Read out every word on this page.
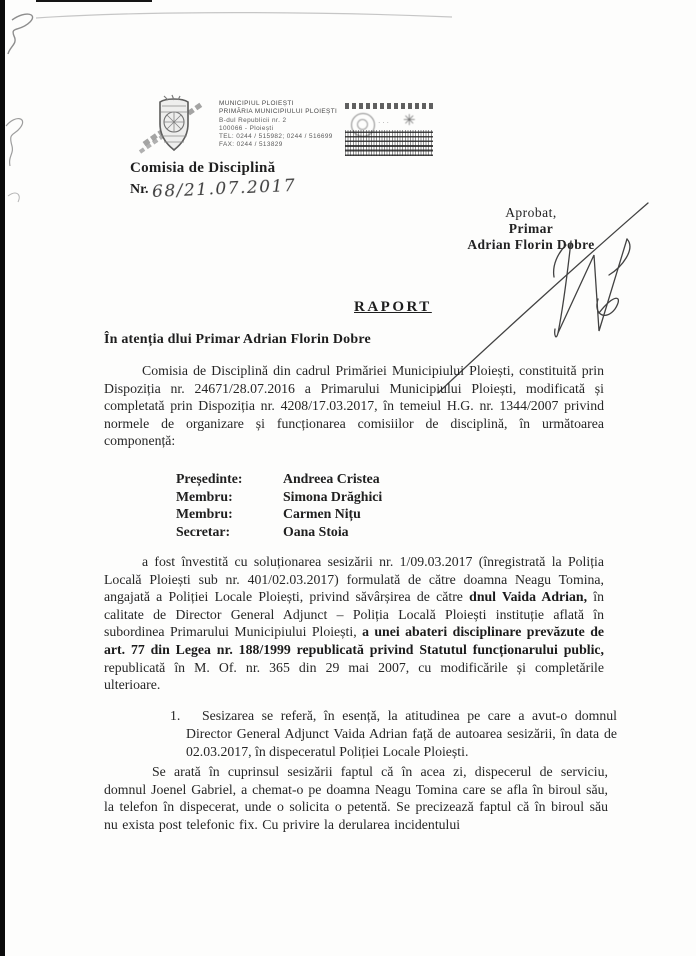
MUNICIPIUL PLOIEȘTI
PRIMĂRIA MUNICIPIULUI PLOIEȘTI
B-dul Republicii nr. 2
100066 - Ploiești
TEL: 0244 / 515982; 0244 / 516699
FAX: 0244 / 513829
··· ✳
Comisia de Disciplină
Nr. 68/21.07.2017
Aprobat,
Primar
Adrian Florin Dobre
RAPORT
În atenția dlui Primar Adrian Florin Dobre
Comisia de Disciplină din cadrul Primăriei Municipiului Ploiești, constituită prin Dispoziția nr. 24671/28.07.2016 a Primarului Municipiului Ploiești, modificată și completată prin Dispoziția nr. 4208/17.03.2017, în temeiul H.G. nr. 1344/2007 privind normele de organizare și funcționarea comisiilor de disciplină, în următoarea componență:
Președinte:	Andreea Cristea
Membru:	Simona Drăghici
Membru:	Carmen Nițu
Secretar:	Oana Stoia
a fost învestită cu soluționarea sesizării nr. 1/09.03.2017 (înregistrată la Poliția Locală Ploiești sub nr. 401/02.03.2017) formulată de către doamna Neagu Tomina, angajată a Poliției Locale Ploiești, privind săvârșirea de către dnul Vaida Adrian, în calitate de Director General Adjunct – Poliția Locală Ploiești instituție aflată în subordinea Primarului Municipiului Ploiești, a unei abateri disciplinare prevăzute de art. 77 din Legea nr. 188/1999 republicată privind Statutul funcționarului public, republicată în M. Of. nr. 365 din 29 mai 2007, cu modificările și completările ulterioare.
1.	Sesizarea se referă, în esență, la atitudinea pe care a avut-o domnul Director General Adjunct Vaida Adrian față de autoarea sesizării, în data de 02.03.2017, în dispeceratul Poliției Locale Ploiești.
Se arată în cuprinsul sesizării faptul că în acea zi, dispecerul de serviciu, domnul Joenel Gabriel, a chemat-o pe doamna Neagu Tomina care se afla în biroul său, la telefon în dispecerat, unde o solicita o petentă. Se precizează faptul că în biroul său nu exista post telefonic fix. Cu privire la derularea incidentului
